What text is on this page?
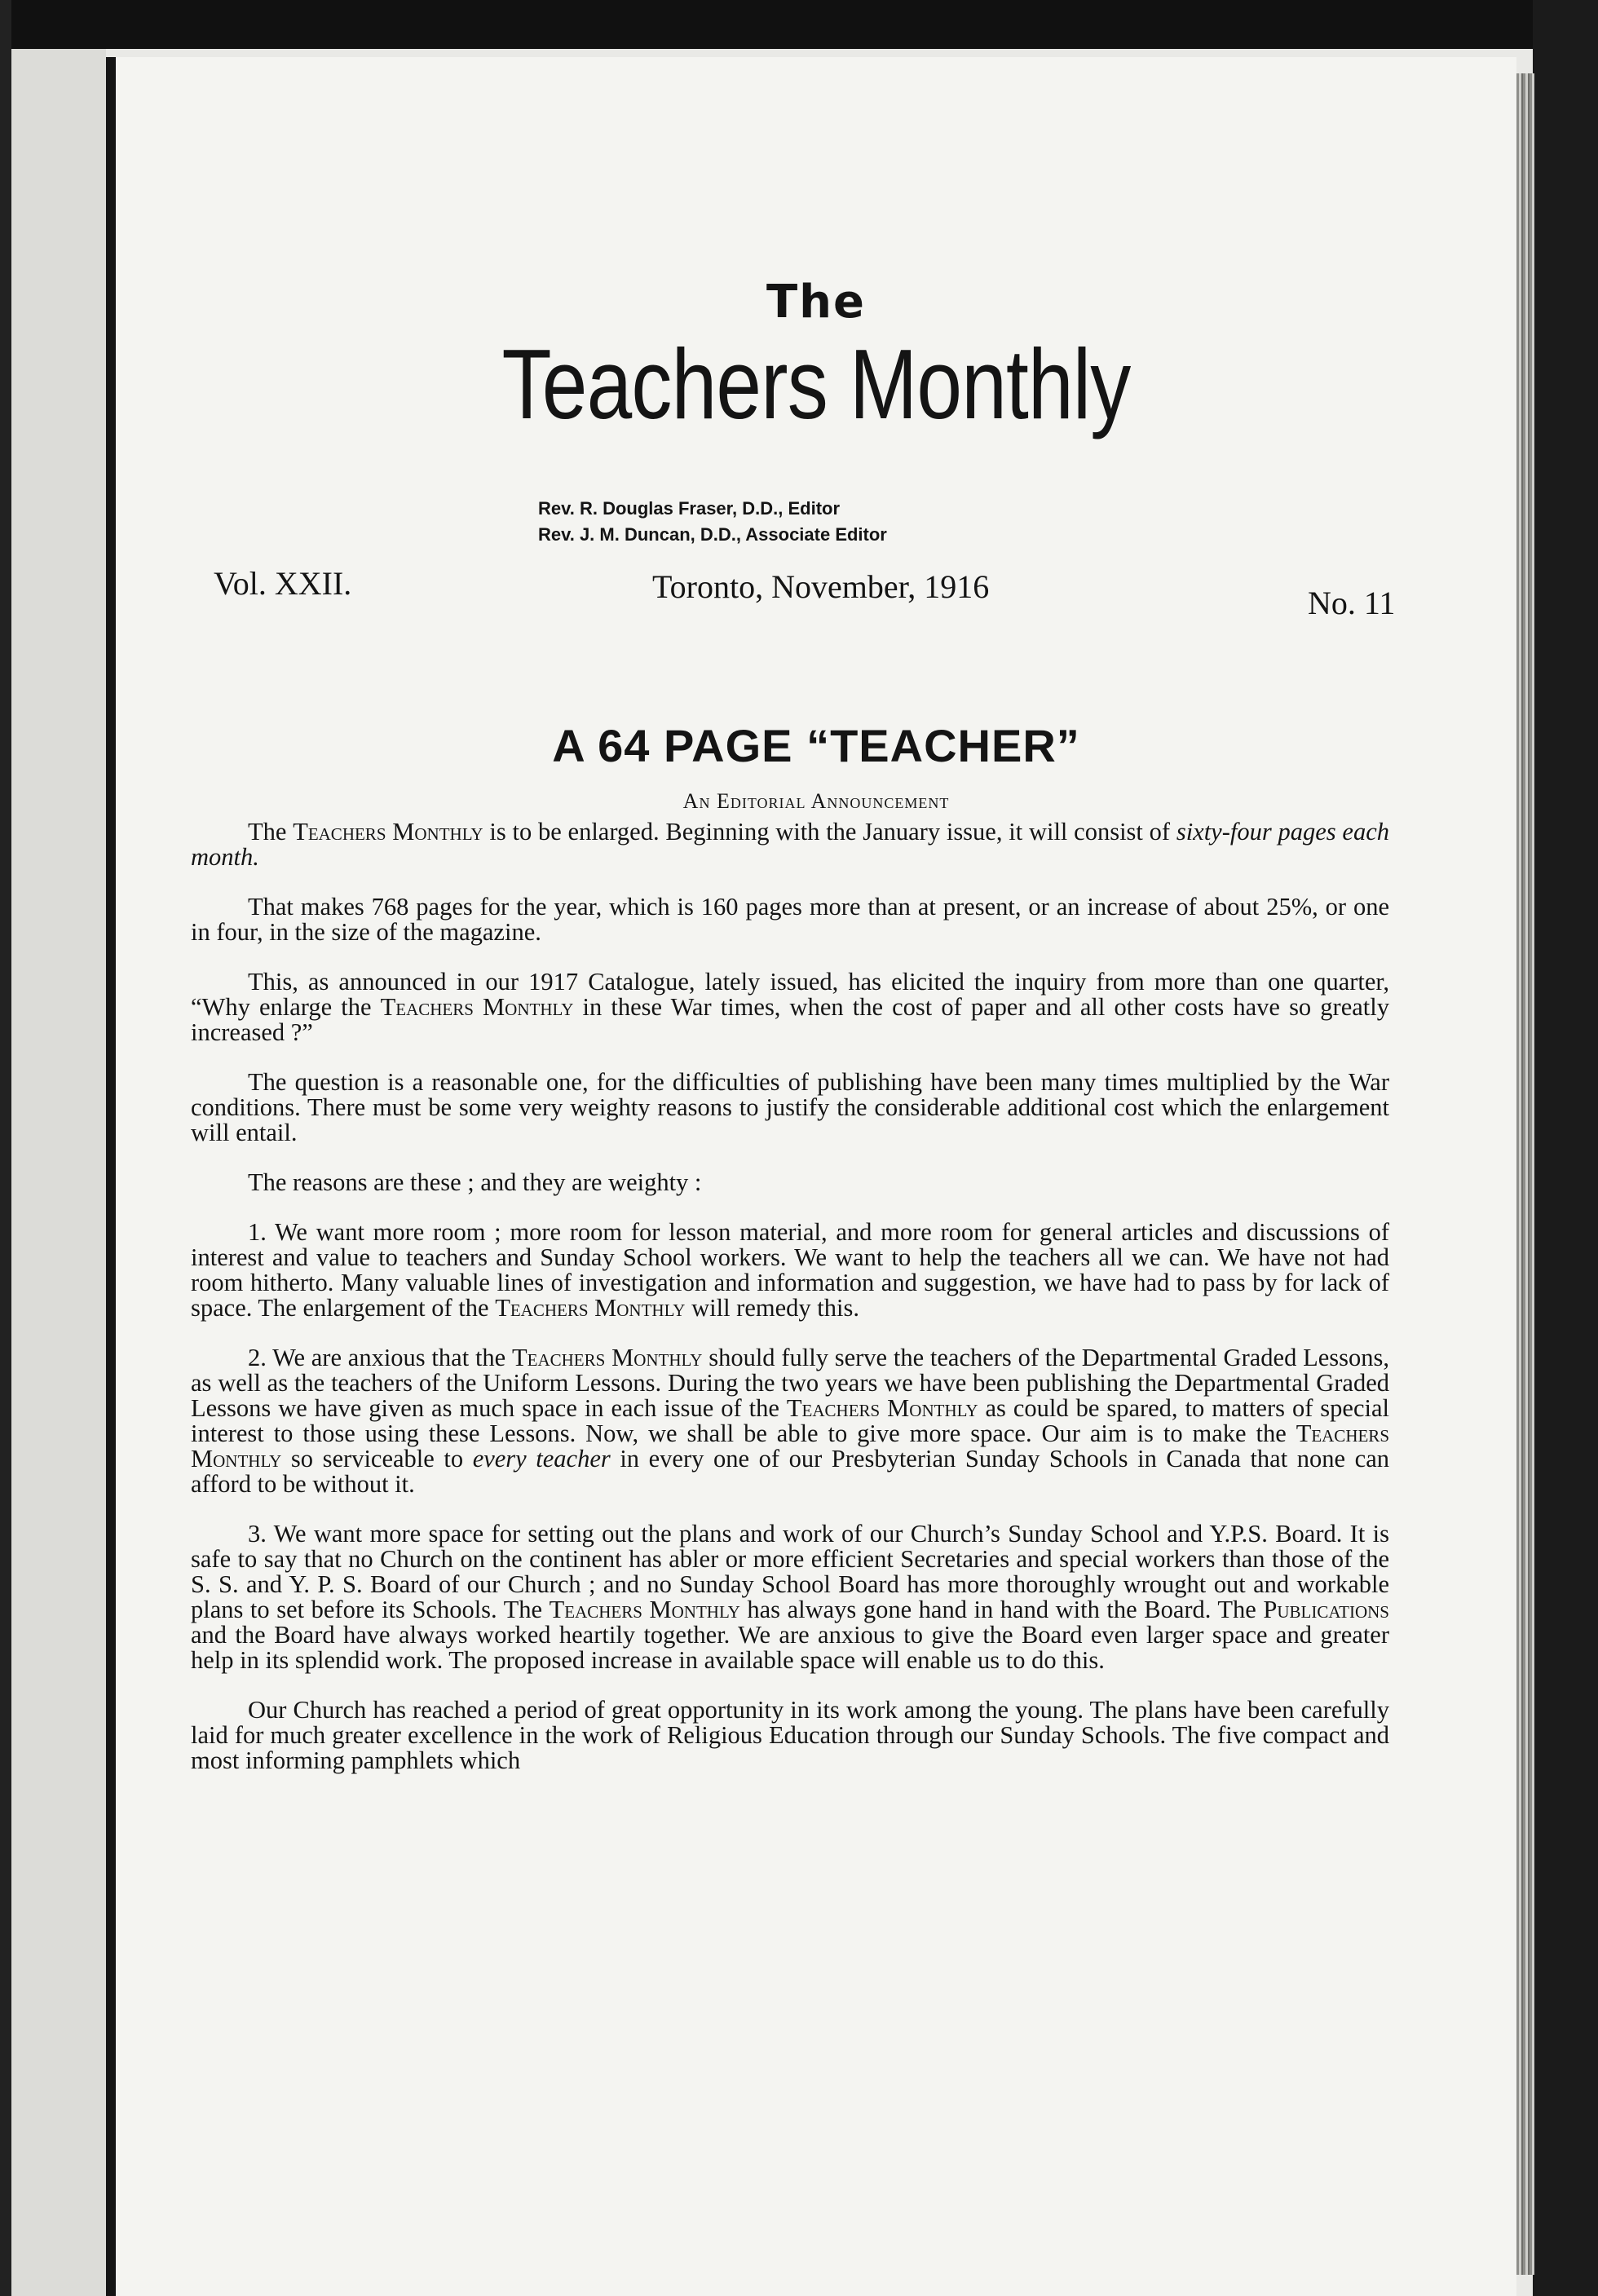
The
Teachers Monthly
Rev. R. Douglas Fraser, D.D., Editor
Rev. J. M. Duncan, D.D., Associate Editor
Vol. XXII.	Toronto, November, 1916	No. 11
A 64 PAGE “TEACHER”
An Editorial Announcement

The Teachers Monthly is to be enlarged. Beginning with the January issue, it will consist of sixty-four pages each month.

That makes 768 pages for the year, which is 160 pages more than at present, or an increase of about 25%, or one in four, in the size of the magazine.

This, as announced in our 1917 Catalogue, lately issued, has elicited the inquiry from more than one quarter, “Why enlarge the Teachers Monthly in these War times, when the cost of paper and all other costs have so greatly increased ?”

The question is a reasonable one, for the difficulties of publishing have been many times multiplied by the War conditions. There must be some very weighty reasons to justify the considerable additional cost which the enlargement will entail.

The reasons are these ; and they are weighty :

1. We want more room ; more room for lesson material, and more room for general articles and discussions of interest and value to teachers and Sunday School workers. We want to help the teachers all we can. We have not had room hitherto. Many valuable lines of investigation and information and suggestion, we have had to pass by for lack of space. The enlargement of the Teachers Monthly will remedy this.

2. We are anxious that the Teachers Monthly should fully serve the teachers of the Departmental Graded Lessons, as well as the teachers of the Uniform Lessons. During the two years we have been publishing the Departmental Graded Lessons we have given as much space in each issue of the Teachers Monthly as could be spared, to matters of special interest to those using these Lessons. Now, we shall be able to give more space. Our aim is to make the Teachers Monthly so serviceable to every teacher in every one of our Presbyterian Sunday Schools in Canada that none can afford to be without it.

3. We want more space for setting out the plans and work of our Church’s Sunday School and Y.P.S. Board. It is safe to say that no Church on the continent has abler or more efficient Secretaries and special workers than those of the S. S. and Y. P. S. Board of our Church ; and no Sunday School Board has more thoroughly wrought out and workable plans to set before its Schools. The Teachers Monthly has always gone hand in hand with the Board. The Publications and the Board have always worked heartily together. We are anxious to give the Board even larger space and greater help in its splendid work. The proposed increase in available space will enable us to do this.

Our Church has reached a period of great opportunity in its work among the young. The plans have been carefully laid for much greater excellence in the work of Religious Education through our Sunday Schools. The five compact and most informing pamphlets which
